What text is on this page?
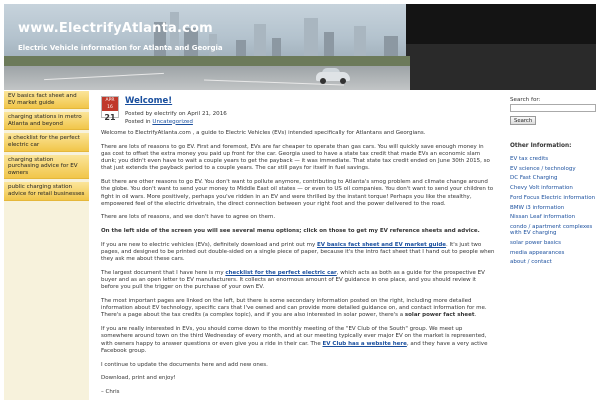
www.ElectrifyAtlanta.com
Electric Vehicle information for Atlanta and Georgia
EV basics fact sheet and EV market guide
charging stations in metro Atlanta and beyond
a checklist for the perfect electric car
charging station purchasing advice for EV owners
public charging station advice for retail businesses
APR 16
21
Welcome!
Posted by electrify on April 21, 2016
Posted in Uncategorized

Welcome to ElectrifyAtlanta.com , a guide to Electric Vehicles (EVs) intended specifically for Atlantans and Georgians.

There are lots of reasons to go EV. First and foremost, EVs are far cheaper to operate than gas cars. You will quickly save enough money in gas cost to offset the extra money you paid up front for the car. Georgia used to have a state tax credit that made EVs an economic slam dunk; you didn't even have to wait a couple years to get the payback — it was immediate. That state tax credit ended on June 30th 2015, so that just extends the payback period to a couple years. The car still pays for itself in fuel savings.

But there are other reasons to go EV. You don't want to pollute anymore, contributing to Atlanta's smog problem and climate change around the globe. You don't want to send your money to Middle East oil states — or even to US oil companies. You don't want to send your children to fight in oil wars. More positively, perhaps you've ridden in an EV and were thrilled by the instant torque! Perhaps you like the stealthy, empowered feel of the electric drivetrain, the direct connection between your right foot and the power delivered to the road.

There are lots of reasons, and we don't have to agree on them.

On the left side of the screen you will see several menu options; click on those to get my EV reference sheets and advice.

If you are new to electric vehicles (EVs), definitely download and print out my EV basics fact sheet and EV market guide. It's just two pages, and designed to be printed out double-sided on a single piece of paper, because it's the intro fact sheet that I hand out to people when they ask me about these cars.

The largest document that I have here is my checklist for the perfect electric car, which acts as both as a guide for the prospective EV buyer and as an open letter to EV manufacturers. It collects an enormous amount of EV guidance in one place, and you should review it before you pull the trigger on the purchase of your own EV.

The most important pages are linked on the left, but there is some secondary information posted on the right, including more detailed information about EV technology, specific cars that I've owned and can provide more detailed guidance on, and contact information for me. There's a page about the tax credits (a complex topic), and if you are also interested in solar power, there's a solar power fact sheet.

If you are really interested in EVs, you should come down to the monthly meeting of the "EV Club of the South" group. We meet up somewhere around town on the third Wednesday of every month, and at our meeting typically ever major EV on the market is represented, with owners happy to answer questions or even give you a ride in their car. The EV Club has a website here, and they have a very active Facebook group.

I continue to update the documents here and add new ones.

Download, print and enjoy!

– Chris

Search for:
Search
Other Information:
EV tax credits
EV science / technology
DC Fast Charging
Chevy Volt information
Ford Focus Electric information
BMW i3 information
Nissan Leaf information
condo / apartment complexes with EV charging
solar power basics
media appearances
about / contact
